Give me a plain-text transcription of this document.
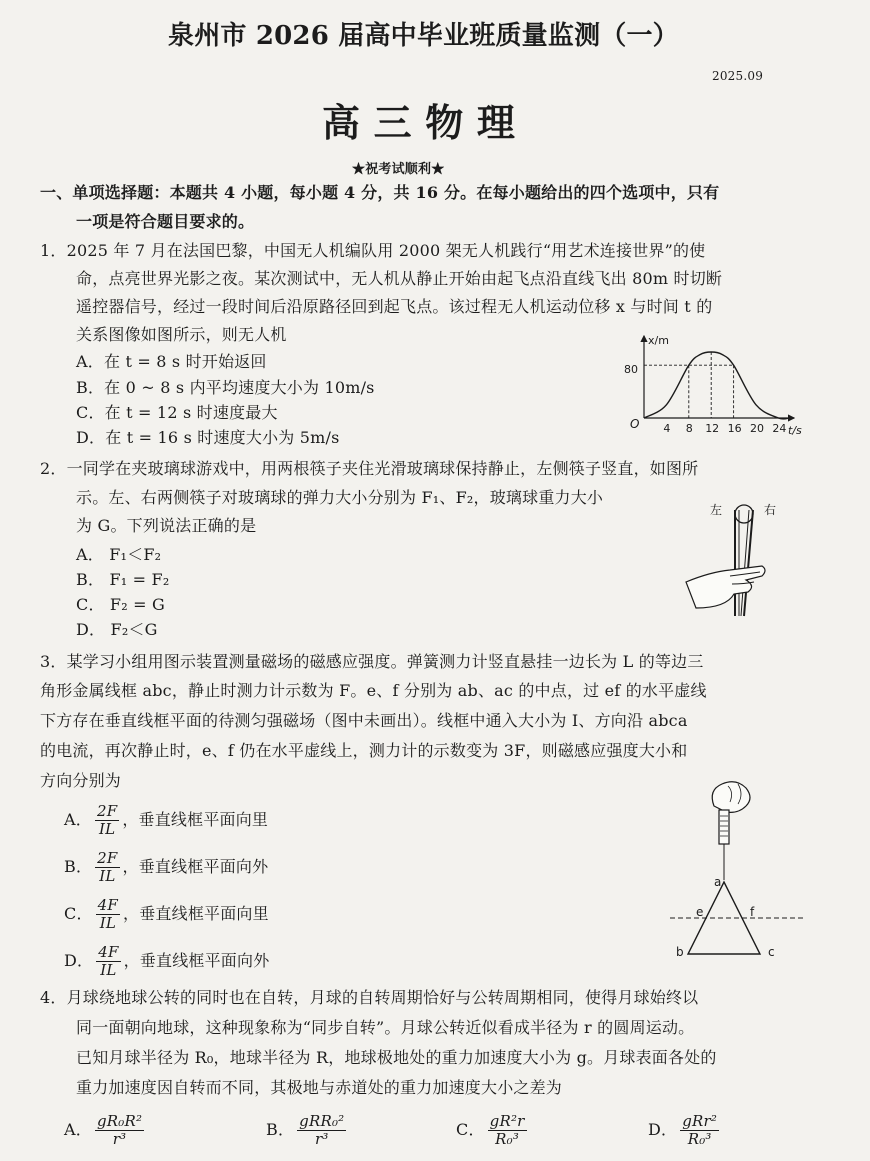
泉州市 2026 届高中毕业班质量监测（一）
2025.09
高 三 物 理
★祝考试顺利★
一、单项选择题：本题共 4 小题，每小题 4 分，共 16 分。在每小题给出的四个选项中，只有
一项是符合题目要求的。
1．2025 年 7 月在法国巴黎，中国无人机编队用 2000 架无人机践行“用艺术连接世界”的使
命，点亮世界光影之夜。某次测试中，无人机从静止开始由起飞点沿直线飞出 80m 时切断
遥控器信号，经过一段时间后沿原路径回到起飞点。该过程无人机运动位移 x 与时间 t 的
关系图像如图所示，则无人机
A．在 t = 8 s 时开始返回
B．在 0 ~ 8 s 内平均速度大小为 10m/s
C．在 t = 12 s 时速度最大
D．在 t = 16 s 时速度大小为 5m/s
x/m
t/s
O
80
4 8 12 16 20 24
2．一同学在夹玻璃球游戏中，用两根筷子夹住光滑玻璃球保持静止，左侧筷子竖直，如图所
示。左、右两侧筷子对玻璃球的弹力大小分别为 F₁、F₂，玻璃球重力大小
为 G。下列说法正确的是
A． F₁＜F₂
B． F₁ = F₂
C． F₂ = G
D． F₂＜G
左	右
3．某学习小组用图示装置测量磁场的磁感应强度。弹簧测力计竖直悬挂一边长为 L 的等边三
角形金属线框 abc，静止时测力计示数为 F。e、f 分别为 ab、ac 的中点，过 ef 的水平虚线
下方存在垂直线框平面的待测匀强磁场（图中未画出）。线框中通入大小为 I、方向沿 abca
的电流，再次静止时，e、f 仍在水平虚线上，测力计的示数变为 3F，则磁感应强度大小和
方向分别为
A． $\frac{2F}{IL}$ ，垂直线框平面向里
B． $\frac{2F}{IL}$ ，垂直线框平面向外
C． $\frac{4F}{IL}$ ，垂直线框平面向里
D． $\frac{4F}{IL}$ ，垂直线框平面向外
a
e	f
b	c
4．月球绕地球公转的同时也在自转，月球的自转周期恰好与公转周期相同，使得月球始终以
同一面朝向地球，这种现象称为“同步自转”。月球公转近似看成半径为 r 的圆周运动。
已知月球半径为 R₀，地球半径为 R，地球极地处的重力加速度大小为 g。月球表面各处的
重力加速度因自转而不同，其极地与赤道处的重力加速度大小之差为
A． $\frac{\text{gR₀R²}}{\text{r³}}$	B． $\frac{\text{gRR₀²}}{\text{r³}}$	C． $\frac{\text{gR²r}}{\text{R₀³}}$	D． $\frac{\text{gRr²}}{\text{R₀³}}$
